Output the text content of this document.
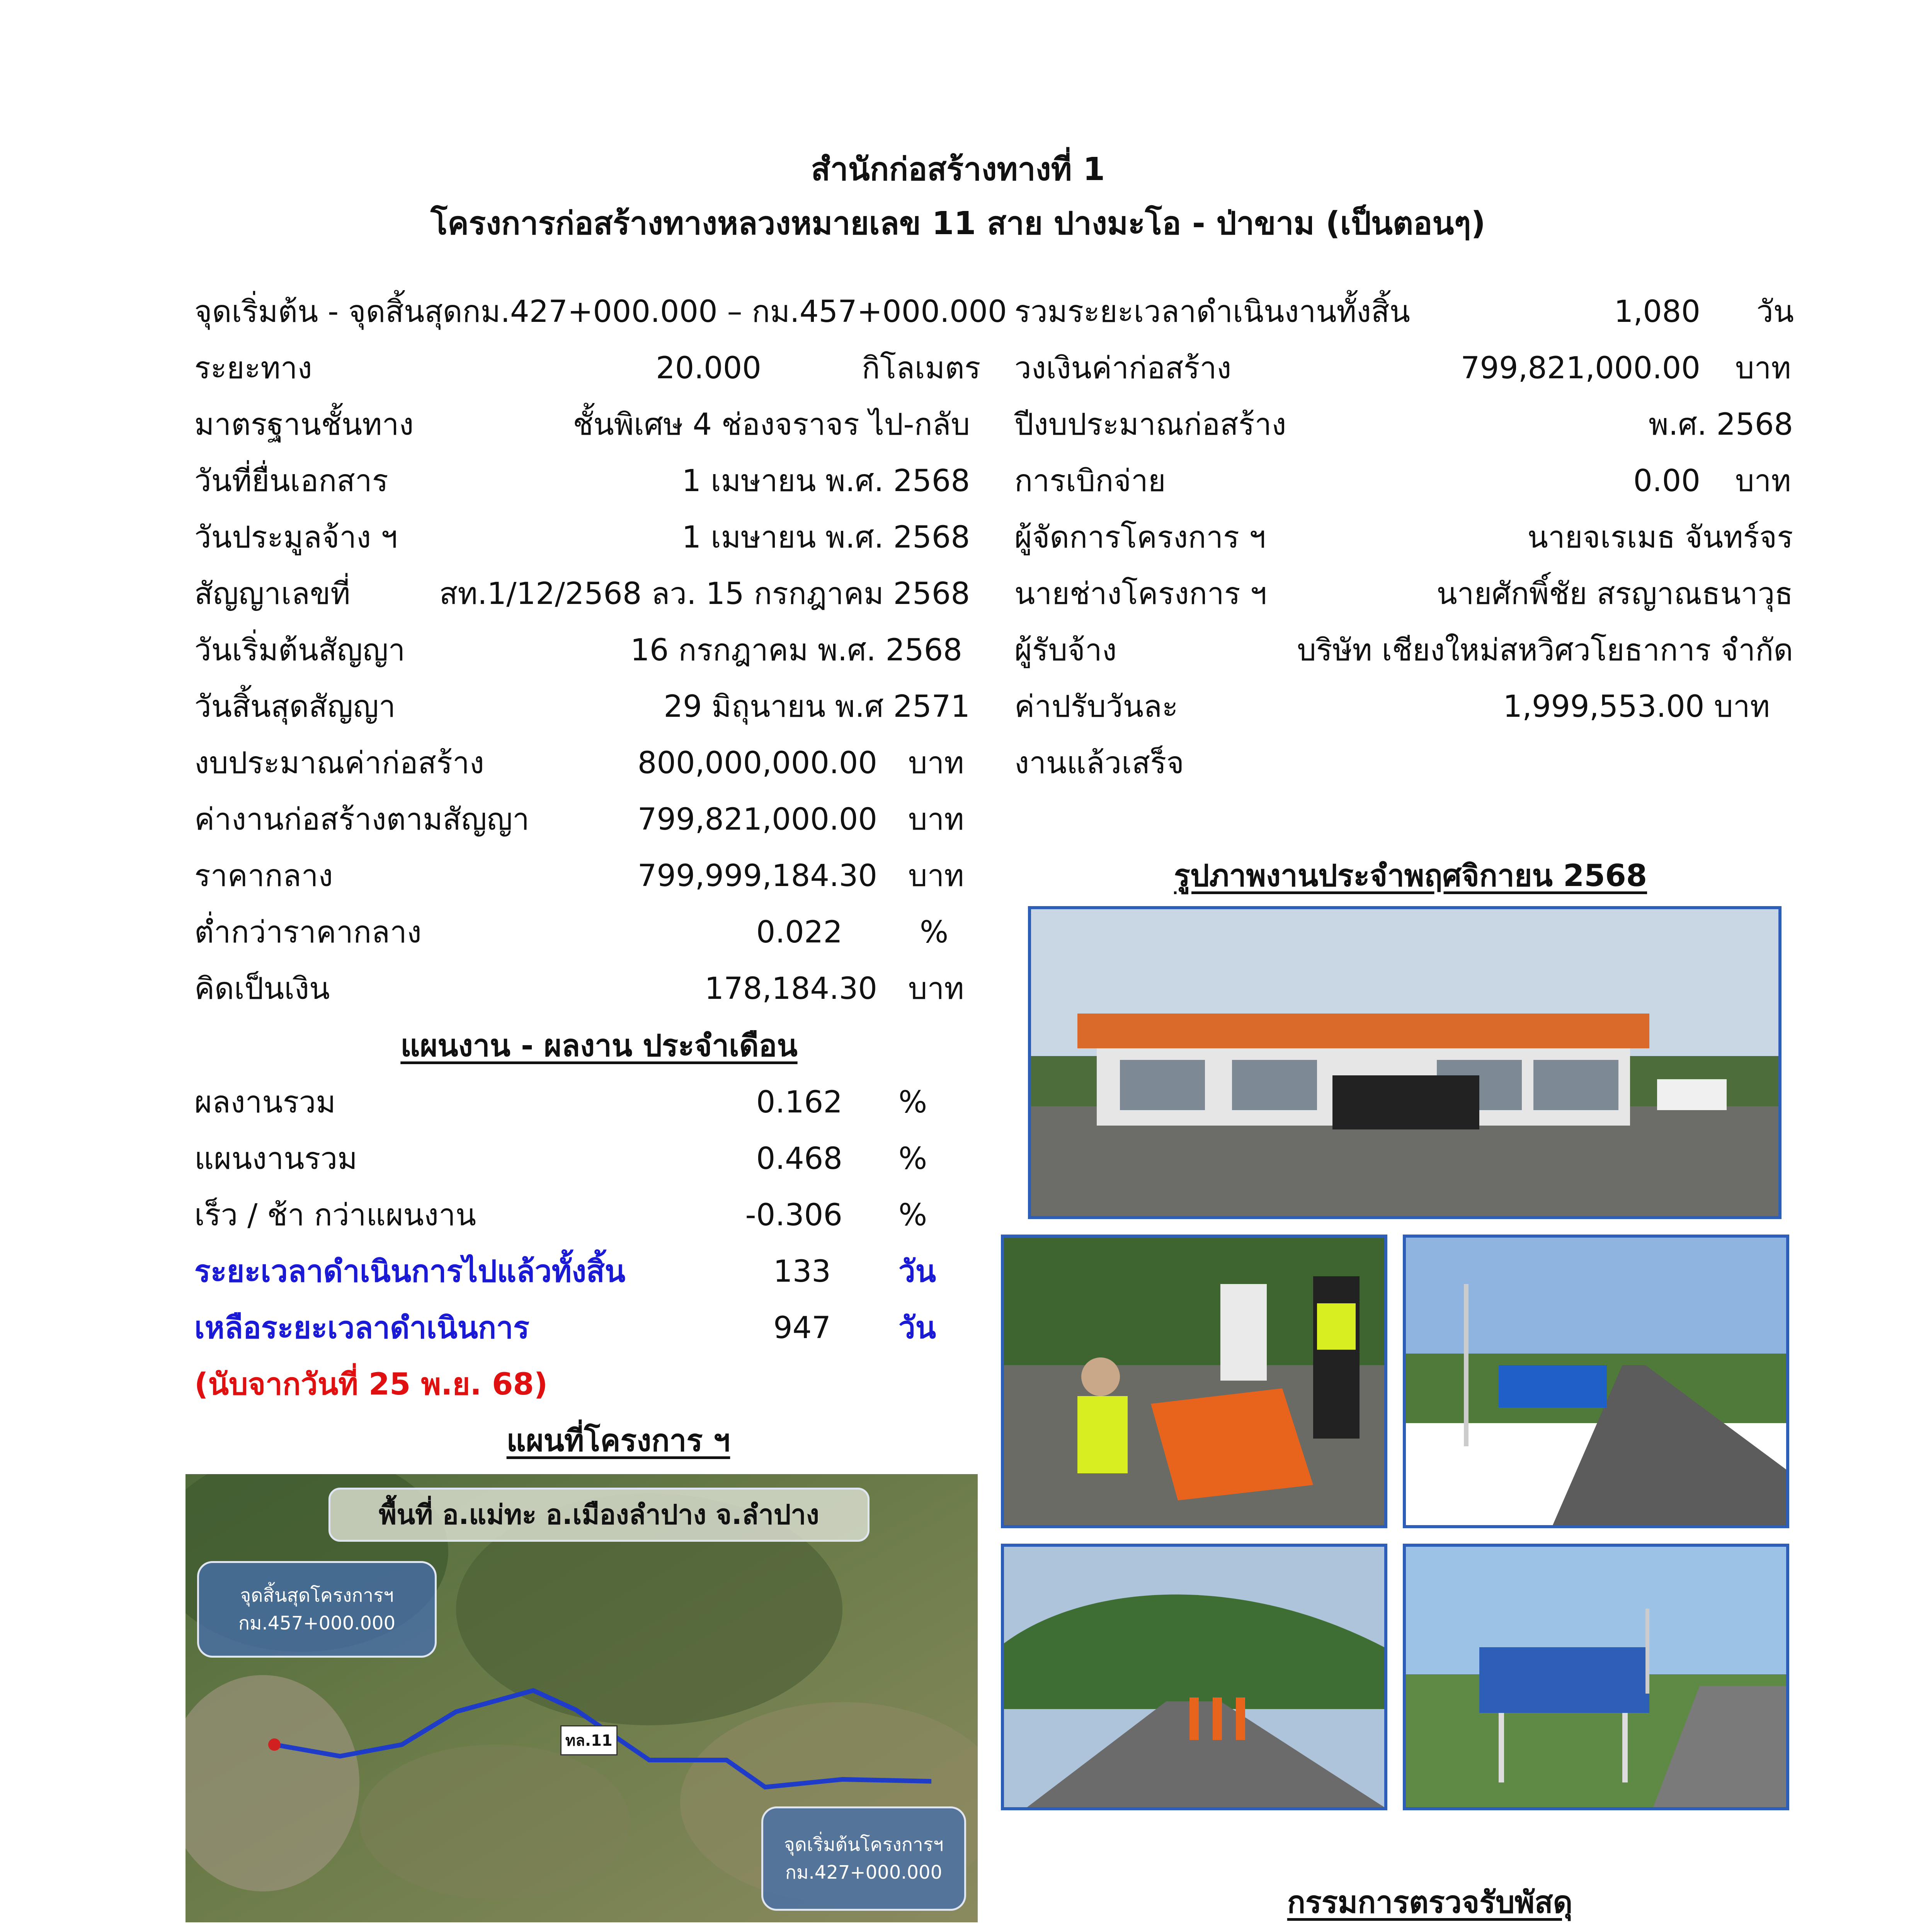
สำนักก่อสร้างทางที่ 1
โครงการก่อสร้างทางหลวงหมายเลข 11 สาย ปางมะโอ - ป่าขาม (เป็นตอนๆ)
จุดเริ่มต้น - จุดสิ้นสุดกม.427+000.000 – กม.457+000.000
ระยะทาง	20.000	กิโลเมตร
มาตรฐานชั้นทาง	ชั้นพิเศษ 4 ช่องจราจร ไป-กลับ
วันที่ยื่นเอกสาร	1 เมษายน พ.ศ. 2568
วันประมูลจ้าง ฯ	1 เมษายน พ.ศ. 2568
สัญญาเลขที่	สท.1/12/2568 ลว. 15 กรกฎาคม 2568
วันเริ่มต้นสัญญา	16 กรกฎาคม พ.ศ. 2568
วันสิ้นสุดสัญญา	29 มิถุนายน พ.ศ 2571
งบประมาณค่าก่อสร้าง	800,000,000.00 บาท
ค่างานก่อสร้างตามสัญญา	799,821,000.00 บาท
ราคากลาง	799,999,184.30 บาท
ต่ำกว่าราคากลาง	0.022	%
คิดเป็นเงิน	178,184.30 บาท
รวมระยะเวลาดำเนินงานทั้งสิ้น	1,080 วัน
วงเงินค่าก่อสร้าง	799,821,000.00 บาท
ปีงบประมาณก่อสร้าง	พ.ศ. 2568
การเบิกจ่าย	0.00 บาท
ผู้จัดการโครงการ ฯ	นายจเรเมธ จันทร์จร
นายช่างโครงการ ฯ	นายศักพิ์ชัย สรญาณธนาวุธ
ผู้รับจ้าง	บริษัท เชียงใหม่สหวิศวโยธาการ จำกัด
ค่าปรับวันละ	1,999,553.00 บาท
งานแล้วเสร็จ
แผนงาน - ผลงาน ประจำเดือน
ผลงานรวม	0.162 %
แผนงานรวม	0.468 %
เร็ว / ช้า กว่าแผนงาน	-0.306 %
ระยะเวลาดำเนินการไปแล้วทั้งสิ้น	133 วัน
เหลือระยะเวลาดำเนินการ	947 วัน
(นับจากวันที่ 25 พ.ย. 68)
แผนที่โครงการ ฯ
พื้นที่ อ.แม่ทะ อ.เมืองลำปาง จ.ลำปาง
จุดสิ้นสุดโครงการฯ
กม.457+000.000
จุดเริ่มต้นโครงการฯ
กม.427+000.000
ทล.11
รูปภาพงานประจำพฤศจิกายน 2568
กรรมการตรวจรับพัสดุ
